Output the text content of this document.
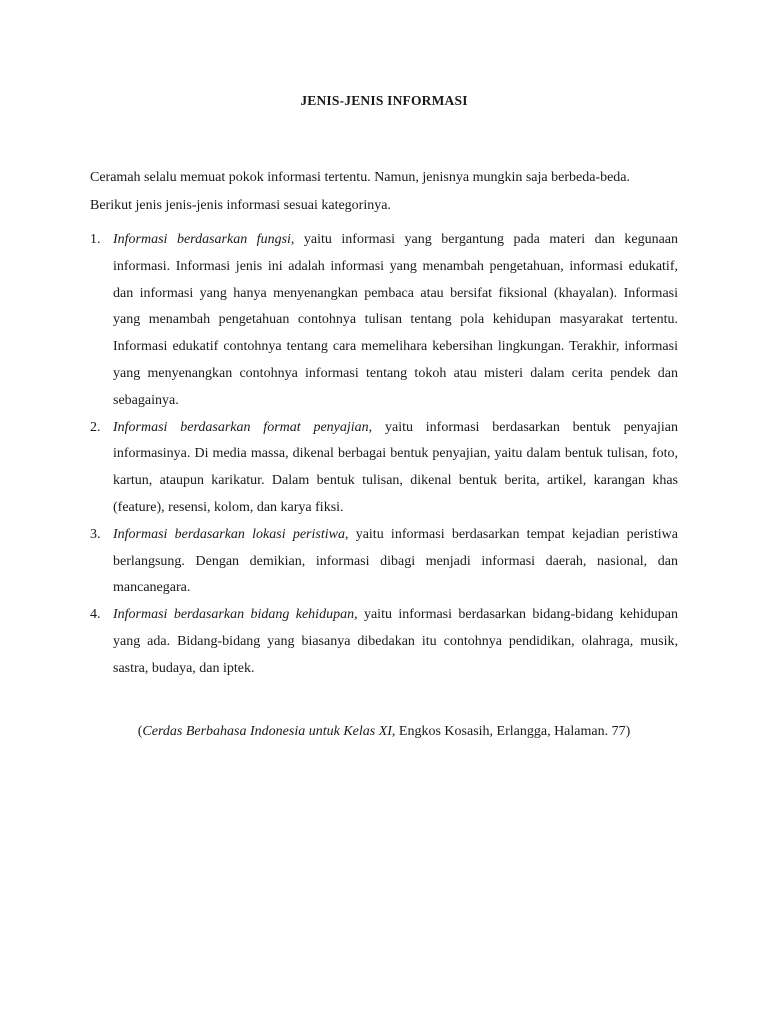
JENIS-JENIS INFORMASI

Ceramah selalu memuat pokok informasi tertentu. Namun, jenisnya mungkin saja berbeda-beda.

Berikut jenis jenis-jenis informasi sesuai kategorinya.

1. Informasi berdasarkan fungsi, yaitu informasi yang bergantung pada materi dan kegunaan informasi. Informasi jenis ini adalah informasi yang menambah pengetahuan, informasi edukatif, dan informasi yang hanya menyenangkan pembaca atau bersifat fiksional (khayalan). Informasi yang menambah pengetahuan contohnya tulisan tentang pola kehidupan masyarakat tertentu. Informasi edukatif contohnya tentang cara memelihara kebersihan lingkungan. Terakhir, informasi yang menyenangkan contohnya informasi tentang tokoh atau misteri dalam cerita pendek dan sebagainya.
2. Informasi berdasarkan format penyajian, yaitu informasi berdasarkan bentuk penyajian informasinya. Di media massa, dikenal berbagai bentuk penyajian, yaitu dalam bentuk tulisan, foto, kartun, ataupun karikatur. Dalam bentuk tulisan, dikenal bentuk berita, artikel, karangan khas (feature), resensi, kolom, dan karya fiksi.
3. Informasi berdasarkan lokasi peristiwa, yaitu informasi berdasarkan tempat kejadian peristiwa berlangsung. Dengan demikian, informasi dibagi menjadi informasi daerah, nasional, dan mancanegara.
4. Informasi berdasarkan bidang kehidupan, yaitu informasi berdasarkan bidang-bidang kehidupan yang ada. Bidang-bidang yang biasanya dibedakan itu contohnya pendidikan, olahraga, musik, sastra, budaya, dan iptek.
(Cerdas Berbahasa Indonesia untuk Kelas XI, Engkos Kosasih, Erlangga, Halaman. 77)
